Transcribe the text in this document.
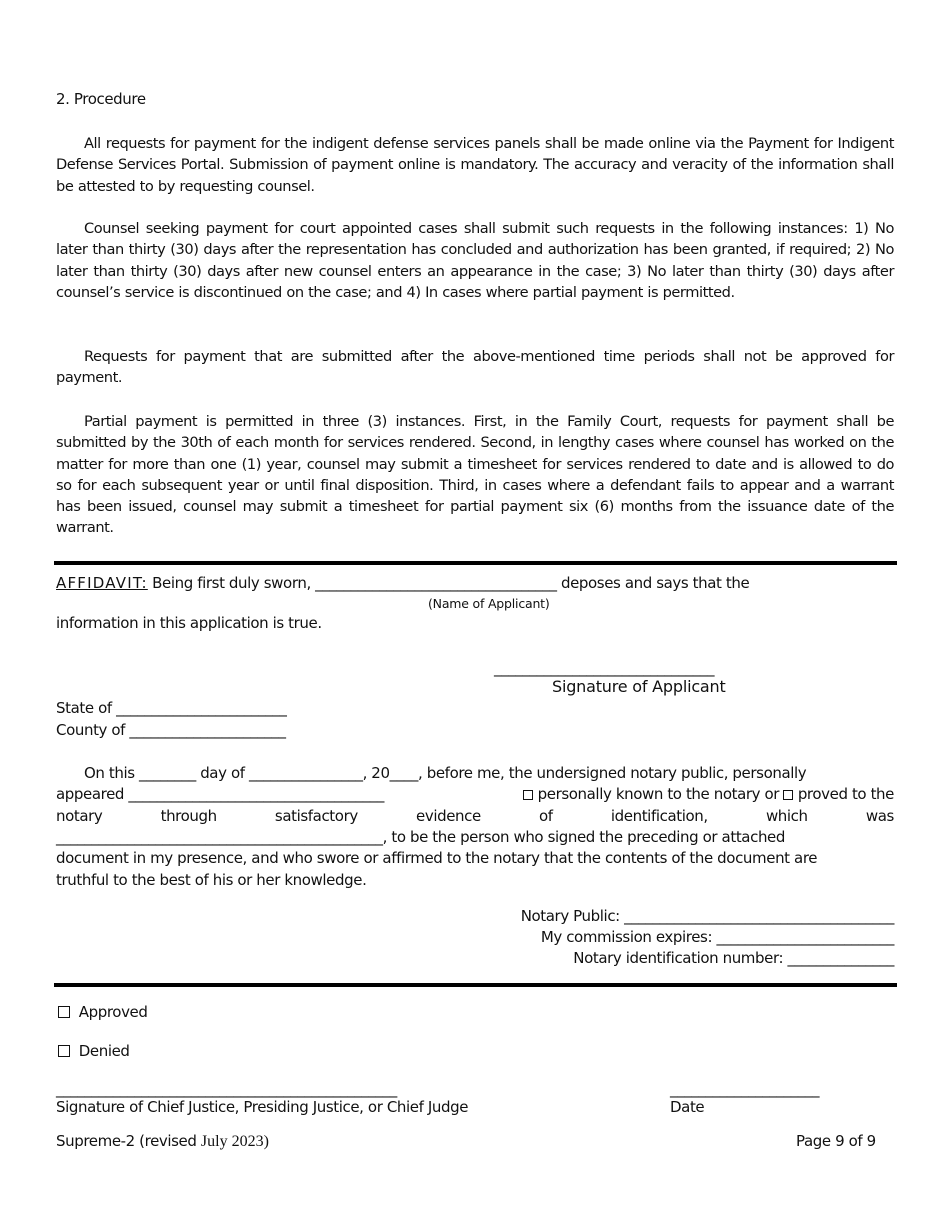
2. Procedure
All requests for payment for the indigent defense services panels shall be made online via the Payment for Indigent Defense Services Portal. Submission of payment online is mandatory. The accuracy and veracity of the information shall be attested to by requesting counsel.
Counsel seeking payment for court appointed cases shall submit such requests in the following instances: 1) No later than thirty (30) days after the representation has concluded and authorization has been granted, if required; 2) No later than thirty (30) days after new counsel enters an appearance in the case; 3) No later than thirty (30) days after counsel’s service is discontinued on the case; and 4) In cases where partial payment is permitted.
Requests for payment that are submitted after the above-mentioned time periods shall not be approved for payment.
Partial payment is permitted in three (3) instances. First, in the Family Court, requests for payment shall be submitted by the 30th of each month for services rendered. Second, in lengthy cases where counsel has worked on the matter for more than one (1) year, counsel may submit a timesheet for services rendered to date and is allowed to do so for each subsequent year or until final disposition. Third, in cases where a defendant fails to appear and a warrant has been issued, counsel may submit a timesheet for partial payment six (6) months from the issuance date of the warrant.
AFFIDAVIT: Being first duly sworn, __________________________________ deposes and says that the
(Name of Applicant)
information in this application is true.
_______________________________
Signature of Applicant
State of ________________________
County of ______________________
On this ________ day of ________________, 20____, before me, the undersigned notary public, personally
appeared ____________________________________	personally known to the notary or proved to the
notary	through	satisfactory	evidence	of	identification,	which	was
______________________________________________, to be the person who signed the preceding or attached
document in my presence, and who swore or affirmed to the notary that the contents of the document are
truthful to the best of his or her knowledge.
Notary Public: ______________________________________
My commission expires: _________________________
Notary identification number: _______________
Approved
Denied
________________________________________________
Signature of Chief Justice, Presiding Justice, or Chief Judge
_____________________
Date
Supreme-2 (revised July 2023)	Page 9 of 9
